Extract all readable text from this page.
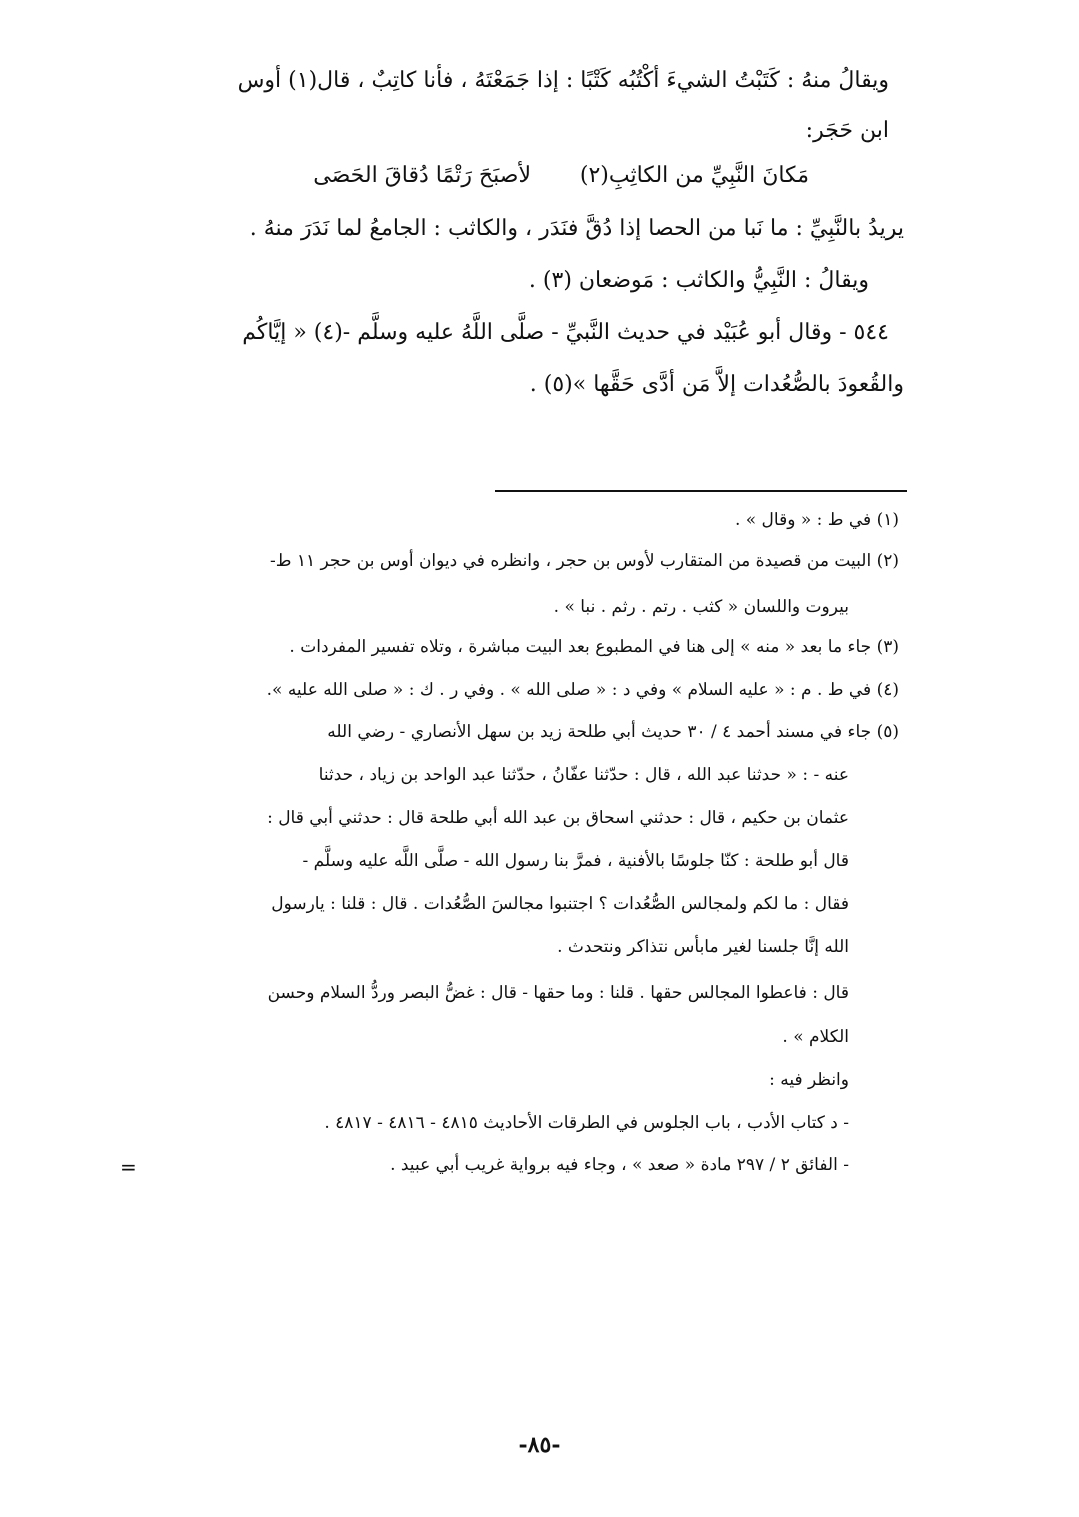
ويقالُ منهُ : كَتَبْتُ الشيءَ أكْتُبُه كَتْبًا : إذا جَمَعْتَهُ ، فأنا كاتِبٌ ، قال(١) أوس
ابن حَجَر:
لأصبَحَ رَتْمًا دُقاقَ الحَصَى مَكانَ النَّبِيِّ من الكاثِبِ(٢)
يريدُ بالنَّبِيِّ : ما نَبا من الحصا إذا دُقَّ فنَدَر ، والكاثب : الجامعُ لما نَدَرَ منهُ .
ويقالُ : النَّبِيُّ والكاثب : مَوضعان (٣) .
٥٤٤ - وقال أبو عُبَيْد في حديث النَّبيِّ - صلَّى اللَّهُ عليه وسلَّم -(٤) « إيَّاكُم
والقُعودَ بالصُّعُدات إلاَّ مَن أدَّى حَقَّها »(٥) .
(١) في ط : « وقال » .
(٢) البيت من قصيدة من المتقارب لأوس بن حجر ، وانظره في ديوان أوس بن حجر ١١ ط-
بيروت واللسان « كثب . رتم . رثم . نبا » .
(٣) جاء ما بعد « منه » إلى هنا في المطبوع بعد البيت مباشرة ، وتلاه تفسير المفردات .
(٤) في ط . م : « عليه السلام » وفي د : « صلى الله » . وفي ر . ك : « صلى الله عليه ».
(٥) جاء في مسند أحمد ٤ / ٣٠ حديث أبي طلحة زيد بن سهل الأنصاري - رضي الله
عنه - : « حدثنا عبد الله ، قال : حدّثنا عفّانُ ، حدّثنا عبد الواحد بن زياد ، حدثنا
عثمان بن حكيم ، قال : حدثني اسحاق بن عبد الله أبي طلحة قال : حدثني أبي قال :
قال أبو طلحة : كنّا جلوسًا بالأفنية ، فمرَّ بنا رسول الله - صلَّى اللَّه عليه وسلَّم -
فقال : ما لكم ولمجالس الصُّعُدات ؟ اجتنبوا مجالسَ الصُّعُدات . قال : قلنا : يارسول
الله إنَّا جلسنا لغير مابأس نتذاكر ونتحدث .
قال : فاعطوا المجالس حقها . قلنا : وما حقها - قال : غضُّ البصر وردُّ السلام وحسن
الكلام » .
وانظر فيه :
- د كتاب الأدب ، باب الجلوس في الطرقات الأحاديث ٤٨١٥ - ٤٨١٦ - ٤٨١٧ .
- الفائق ٢ / ٢٩٧ مادة « صعد » ، وجاء فيه برواية غريب أبي عبيد .
=
-٨٥-
